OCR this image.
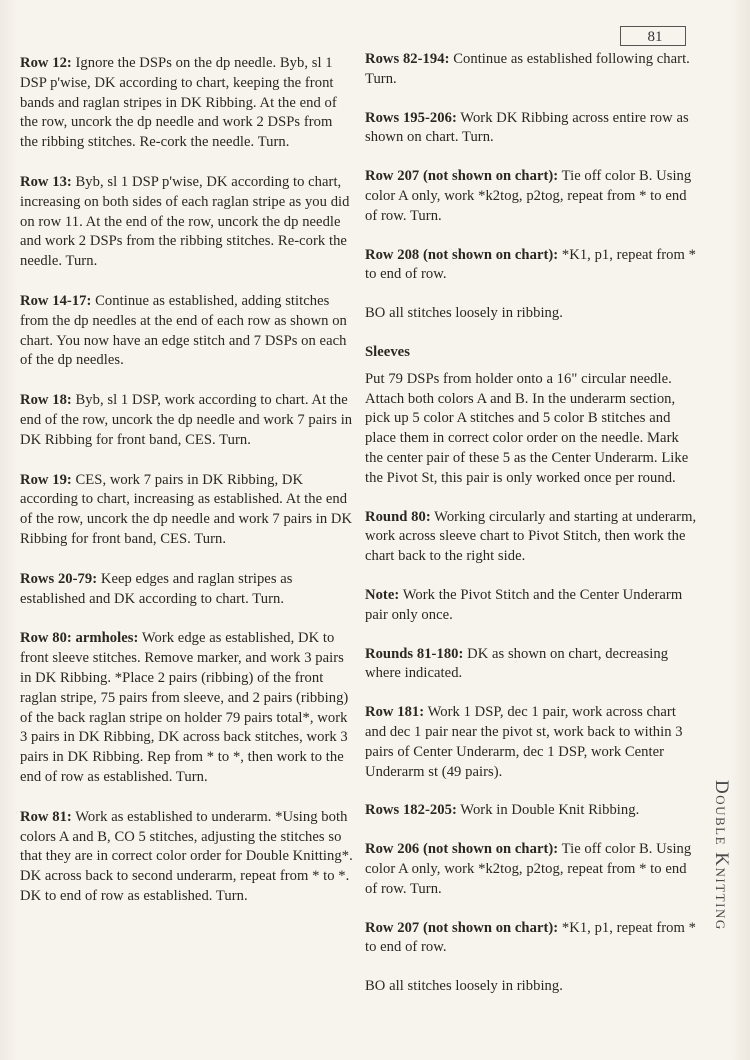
81

Row 12: Ignore the DSPs on the dp needle. Byb, sl 1 DSP p'wise, DK according to chart, keeping the front bands and raglan stripes in DK Ribbing. At the end of the row, uncork the dp needle and work 2 DSPs from the ribbing stitches. Re-cork the needle. Turn.

Row 13: Byb, sl 1 DSP p'wise, DK according to chart, increasing on both sides of each raglan stripe as you did on row 11. At the end of the row, uncork the dp needle and work 2 DSPs from the ribbing stitches. Re-cork the needle. Turn.

Row 14-17: Continue as established, adding stitches from the dp needles at the end of each row as shown on chart. You now have an edge stitch and 7 DSPs on each of the dp needles.

Row 18: Byb, sl 1 DSP, work according to chart. At the end of the row, uncork the dp needle and work 7 pairs in DK Ribbing for front band, CES. Turn.

Row 19: CES, work 7 pairs in DK Ribbing, DK according to chart, increasing as established. At the end of the row, uncork the dp needle and work 7 pairs in DK Ribbing for front band, CES. Turn.

Rows 20-79: Keep edges and raglan stripes as established and DK according to chart. Turn.

Row 80: armholes: Work edge as established, DK to front sleeve stitches. Remove marker, and work 3 pairs in DK Ribbing. *Place 2 pairs (ribbing) of the front raglan stripe, 75 pairs from sleeve, and 2 pairs (ribbing) of the back raglan stripe on holder 79 pairs total*, work 3 pairs in DK Ribbing, DK across back stitches, work 3 pairs in DK Ribbing. Rep from * to *, then work to the end of row as established. Turn.

Row 81: Work as established to underarm. *Using both colors A and B, CO 5 stitches, adjusting the stitches so that they are in correct color order for Double Knitting*. DK across back to second underarm, repeat from * to *. DK to end of row as established. Turn.

Rows 82-194: Continue as established following chart. Turn.

Rows 195-206: Work DK Ribbing across entire row as shown on chart. Turn.

Row 207 (not shown on chart): Tie off color B. Using color A only, work *k2tog, p2tog, repeat from * to end of row. Turn.

Row 208 (not shown on chart): *K1, p1, repeat from * to end of row.

BO all stitches loosely in ribbing.

Sleeves

Put 79 DSPs from holder onto a 16" circular needle. Attach both colors A and B. In the underarm section, pick up 5 color A stitches and 5 color B stitches and place them in correct color order on the needle. Mark the center pair of these 5 as the Center Underarm. Like the Pivot St, this pair is only worked once per round.

Round 80: Working circularly and starting at underarm, work across sleeve chart to Pivot Stitch, then work the chart back to the right side.

Note: Work the Pivot Stitch and the Center Underarm pair only once.

Rounds 81-180: DK as shown on chart, decreasing where indicated.

Row 181: Work 1 DSP, dec 1 pair, work across chart and dec 1 pair near the pivot st, work back to within 3 pairs of Center Underarm, dec 1 DSP, work Center Underarm st (49 pairs).

Rows 182-205: Work in Double Knit Ribbing.

Row 206 (not shown on chart): Tie off color B. Using color A only, work *k2tog, p2tog, repeat from * to end of row. Turn.

Row 207 (not shown on chart): *K1, p1, repeat from * to end of row.

BO all stitches loosely in ribbing.

Double Knitting
